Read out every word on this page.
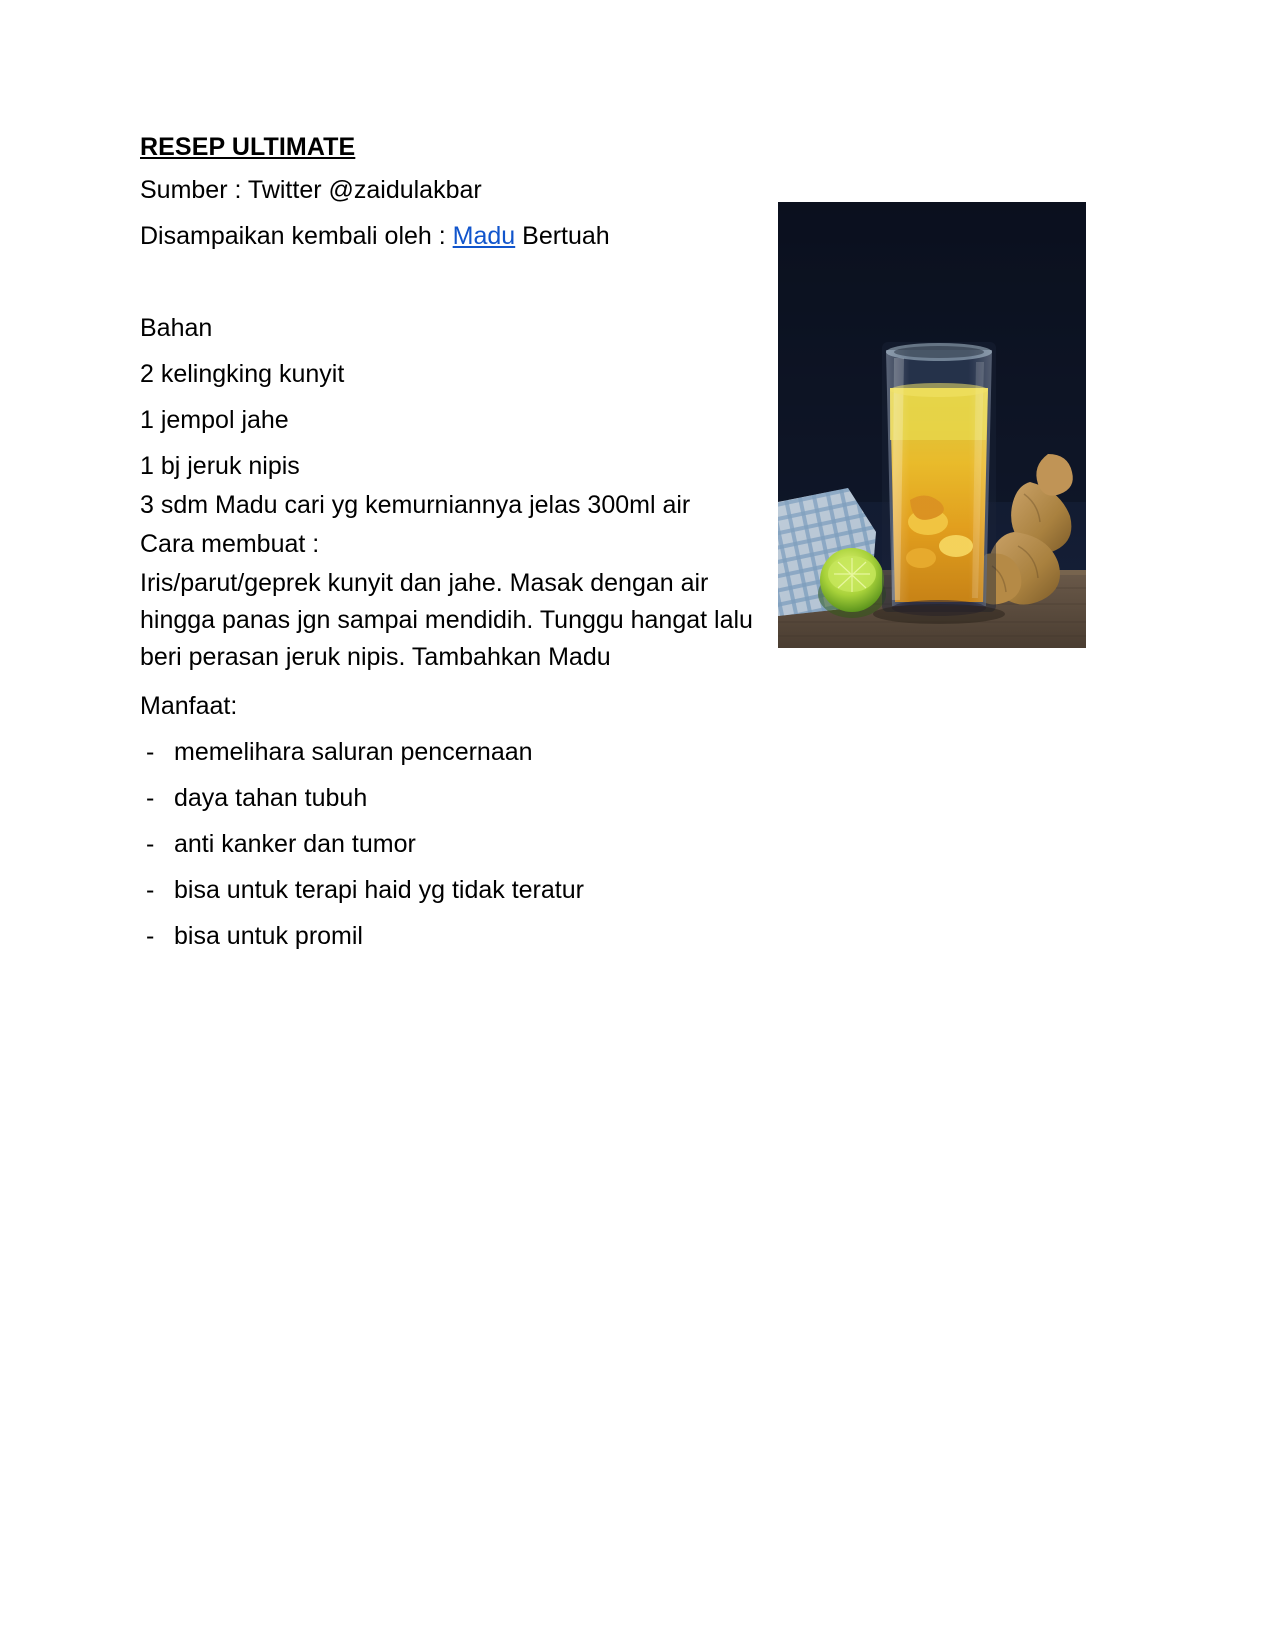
RESEP ULTIMATE

Sumber : Twitter @zaidulakbar

Disampaikan kembali oleh : Madu Bertuah

Bahan

2 kelingking kunyit

1 jempol jahe

1 bj jeruk nipis

3 sdm Madu cari yg kemurniannya jelas 300ml air

Cara membuat :

Iris/parut/geprek kunyit dan jahe. Masak dengan air hingga panas jgn sampai mendidih. Tunggu hangat lalu beri perasan jeruk nipis. Tambahkan Madu

Manfaat:

- memelihara saluran pencernaan
- daya tahan tubuh
- anti kanker dan tumor
- bisa untuk terapi haid yg tidak teratur
- bisa untuk promil
